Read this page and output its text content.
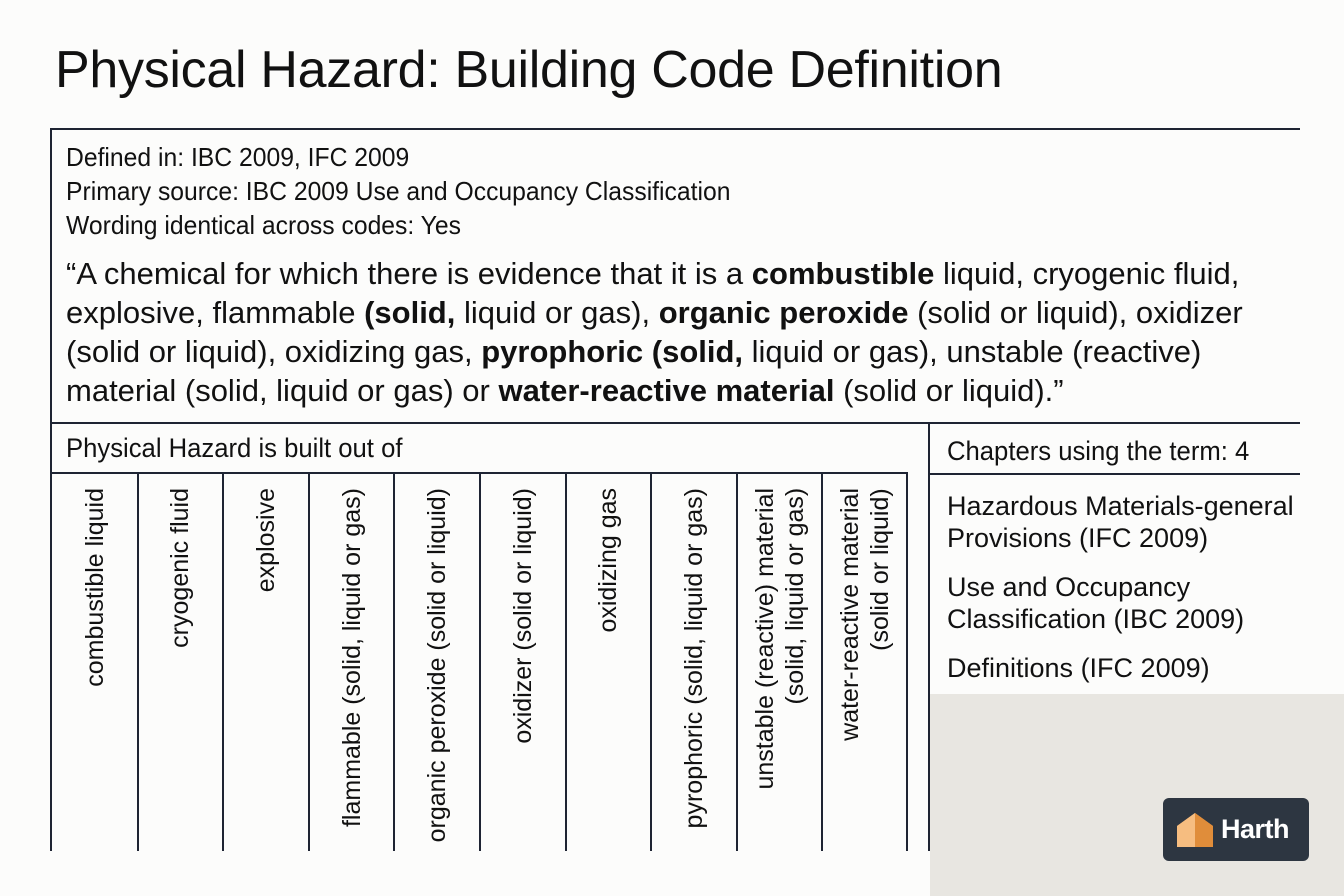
Physical Hazard: Building Code Definition
Defined in: IBC 2009, IFC 2009
Primary source: IBC 2009 Use and Occupancy Classification
Wording identical across codes: Yes
“A chemical for which there is evidence that it is a combustible liquid, cryogenic fluid, explosive, flammable (solid, liquid or gas), organic peroxide (solid or liquid), oxidizer (solid or liquid), oxidizing gas, pyrophoric (solid, liquid or gas), unstable (reactive) material (solid, liquid or gas) or water-reactive material (solid or liquid).”
Physical Hazard is built out of
combustible liquid cryogenic fluid explosive flammable (solid, liquid or gas) organic peroxide (solid or liquid) oxidizer (solid or liquid) oxidizing gas pyrophoric (solid, liquid or gas) unstable (reactive) material
(solid, liquid or gas)
water-reactive material
(solid or liquid)
Chapters using the term: 4
Hazardous Materials-general Provisions (IFC 2009)
Use and Occupancy Classification (IBC 2009)
Definitions (IFC 2009)
Harth
